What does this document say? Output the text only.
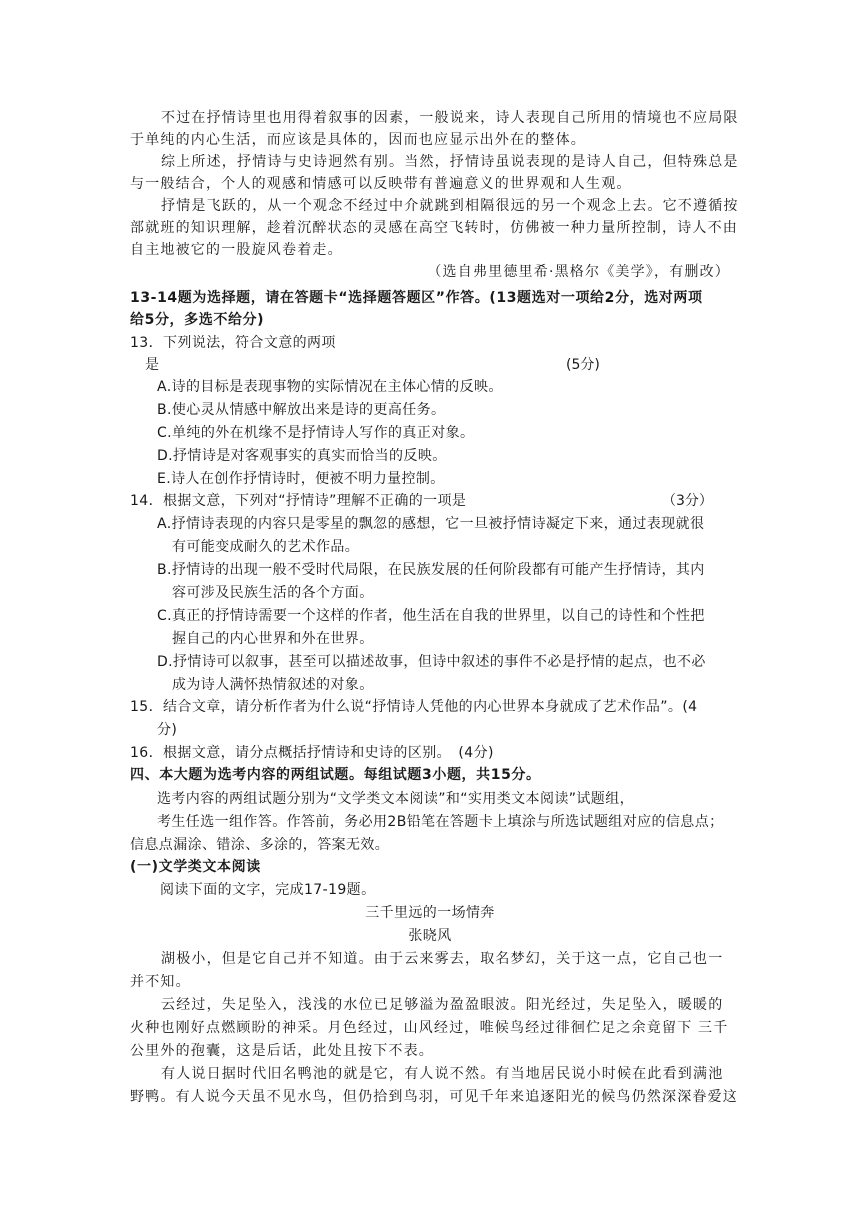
不过在抒情诗里也用得着叙事的因素，一般说来，诗人表现自己所用的情境也不应局限
于单纯的内心生活，而应该是具体的，因而也应显示出外在的整体。
综上所述，抒情诗与史诗迥然有别。当然，抒情诗虽说表现的是诗人自己，但特殊总是
与一般结合，个人的观感和情感可以反映带有普遍意义的世界观和人生观。
抒情是飞跃的，从一个观念不经过中介就跳到相隔很远的另一个观念上去。它不遵循按
部就班的知识理解，趁着沉醉状态的灵感在高空飞转时，仿佛被一种力量所控制，诗人不由
自主地被它的一股旋风卷着走。
（选自弗里德里希·黑格尔《美学》，有删改）
13-14题为选择题，请在答题卡“选择题答题区”作答。(13题选对一项给2分，选对两项
给5分，多选不给分)
13．下列说法，符合文意的两项
是	(5分)
A.诗的目标是表现事物的实际情况在主体心情的反映。
B.使心灵从情感中解放出来是诗的更高任务。
C.单纯的外在机缘不是抒情诗人写作的真正对象。
D.抒情诗是对客观事实的真实而恰当的反映。
E.诗人在创作抒情诗时，便被不明力量控制。
14．根据文意，下列对“抒情诗”理解不正确的一项是	（3分）
A.抒情诗表现的内容只是零星的飘忽的感想，它一旦被抒情诗凝定下来，通过表现就很
有可能变成耐久的艺术作品。
B.抒情诗的出现一般不受时代局限，在民族发展的任何阶段都有可能产生抒情诗，其内
容可涉及民族生活的各个方面。
C.真正的抒情诗需要一个这样的作者，他生活在自我的世界里，以自己的诗性和个性把
握自己的内心世界和外在世界。
D.抒情诗可以叙事，甚至可以描述故事，但诗中叙述的事件不必是抒情的起点，也不必
成为诗人满怀热情叙述的对象。
15．结合文章，请分析作者为什么说“抒情诗人凭他的内心世界本身就成了艺术作品”。(4
分)
16．根据文意，请分点概括抒情诗和史诗的区别。　(4分)
四、本大题为选考内容的两组试题。每组试题3小题，共15分。
选考内容的两组试题分别为“文学类文本阅读”和“实用类文本阅读”试题组，
考生任选一组作答。作答前，务必用2B铅笔在答题卡上填涂与所选试题组对应的信息点；
信息点漏涂、错涂、多涂的，答案无效。
(一)文学类文本阅读
阅读下面的文字，完成17-19题。
三千里远的一场情奔
张晓风
湖极小，但是它自己并不知道。由于云来雾去，取名梦幻，关于这一点，它自己也一
并不知。
云经过，失足坠入，浅浅的水位已足够溢为盈盈眼波。阳光经过，失足坠入，暖暖的
火种也刚好点燃顾盼的神采。月色经过，山风经过，唯候鸟经过徘徊伫足之余竟留下 三千
公里外的孢囊，这是后话，此处且按下不表。
有人说日据时代旧名鸭池的就是它，有人说不然。有当地居民说小时候在此看到满池
野鸭。有人说今天虽不见水鸟，但仍拾到鸟羽，可见千年来追逐阳光的候鸟仍然深深眷爱这
